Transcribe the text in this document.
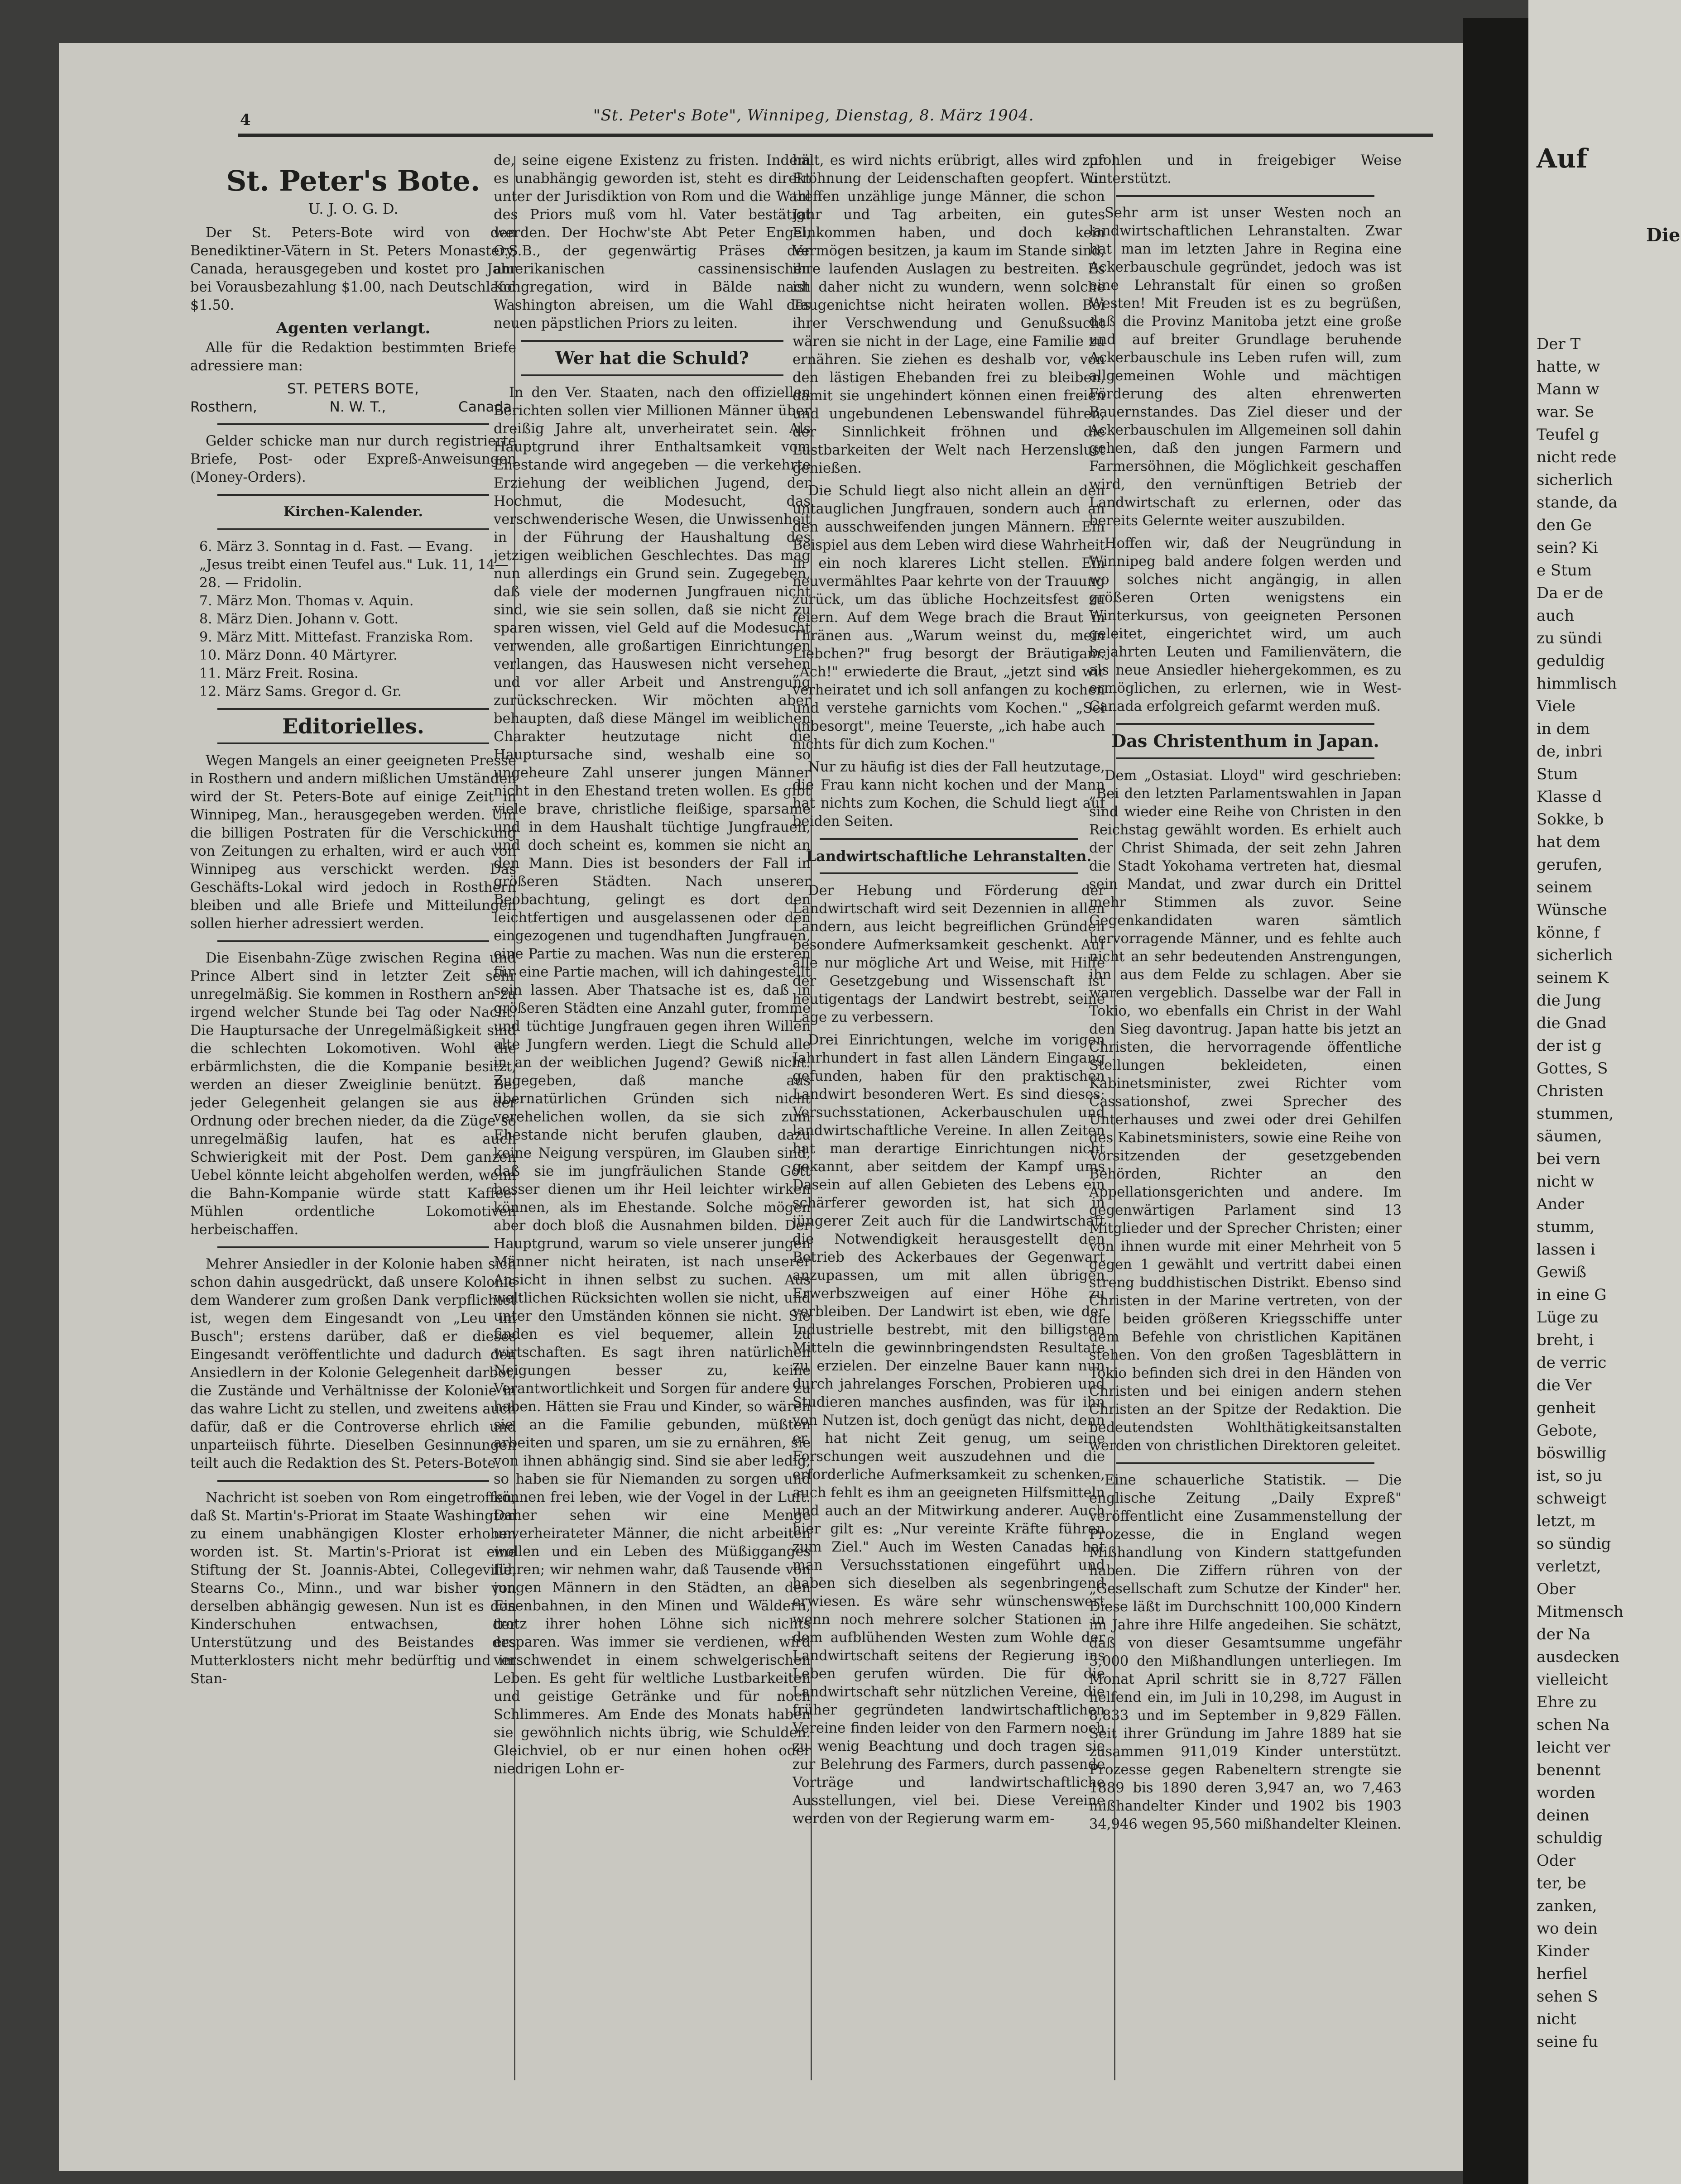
4	"St. Peter's Bote", Winnipeg, Dienstag, 8. März 1904.
St. Peter's Bote.
U. J. O. G. D.

Der St. Peters-Bote wird von den Benediktiner-Vätern in St. Peters Monastery, Canada, herausgegeben und kostet pro Jahr bei Vorausbezahlung $1.00, nach Deutschland $1.50.

Agenten verlangt.

Alle für die Redaktion bestimmten Briefe adressiere man:

ST. PETERS BOTE,
Rosthern,	N. W. T.,	Canada.

Gelder schicke man nur durch registrierte Briefe, Post- oder Expreß-Anweisungen (Money-Orders).

Kirchen-Kalender.
6. März 3. Sonntag in d. Fast. — Evang. „Jesus treibt einen Teufel aus." Luk. 11, 14—28. — Fridolin.
7. März Mon. Thomas v. Aquin.
8. März Dien. Johann v. Gott.
9. März Mitt. Mittefast. Franziska Rom.
10. März Donn. 40 Märtyrer.
11. März Freit. Rosina.
12. März Sams. Gregor d. Gr.
Editorielles.

Wegen Mangels an einer geeigneten Presse in Rosthern und andern mißlichen Umständen wird der St. Peters-Bote auf einige Zeit in Winnipeg, Man., herausgegeben werden. Um die billigen Postraten für die Verschickung von Zeitungen zu erhalten, wird er auch von Winnipeg aus verschickt werden. Das Geschäfts-Lokal wird jedoch in Rosthern bleiben und alle Briefe und Mitteilungen sollen hierher adressiert werden.

Die Eisenbahn-Züge zwischen Regina und Prince Albert sind in letzter Zeit sehr unregelmäßig. Sie kommen in Rosthern an zu irgend welcher Stunde bei Tag oder Nacht. Die Hauptursache der Unregelmäßigkeit sind die schlechten Lokomotiven. Wohl die erbärmlichsten, die die Kompanie besitzt, werden an dieser Zweiglinie benützt. Bei jeder Gelegenheit gelangen sie aus der Ordnung oder brechen nieder, da die Züge so unregelmäßig laufen, hat es auch Schwierigkeit mit der Post. Dem ganzen Uebel könnte leicht abgeholfen werden, wenn die Bahn-Kompanie würde statt Kaffee-Mühlen ordentliche Lokomotiven herbeischaffen.

Mehrer Ansiedler in der Kolonie haben sich schon dahin ausgedrückt, daß unsere Kolonie dem Wanderer zum großen Dank verpflichtet ist, wegen dem Eingesandt von „Leu im Busch"; erstens darüber, daß er dieses Eingesandt veröffentlichte und dadurch den Ansiedlern in der Kolonie Gelegenheit darbot, die Zustände und Verhältnisse der Kolonie in das wahre Licht zu stellen, und zweitens auch dafür, daß er die Controverse ehrlich und unparteiisch führte. Dieselben Gesinnungen teilt auch die Redaktion des St. Peters-Bote.

Nachricht ist soeben von Rom eingetroffen, daß St. Martin's-Priorat im Staate Washington zu einem unabhängigen Kloster erhoben worden ist. St. Martin's-Priorat ist eine Stiftung der St. Joannis-Abtei, Collegeville, Stearns Co., Minn., und war bisher von derselben abhängig gewesen. Nun ist es den Kinderschuhen entwachsen, der Unterstützung und des Beistandes des Mutterklosters nicht mehr bedürftig und im Stan-

de, seine eigene Existenz zu fristen. Indem es unabhängig geworden ist, steht es direkt unter der Jurisdiktion von Rom und die Wahl des Priors muß vom hl. Vater bestätigt werden. Der Hochw'ste Abt Peter Engel, O.S.B., der gegenwärtig Präses der amerikanischen cassinensischen Kongregation, wird in Bälde nach Washington abreisen, um die Wahl des neuen päpstlichen Priors zu leiten.

Wer hat die Schuld?

In den Ver. Staaten, nach den offiziellen Berichten sollen vier Millionen Männer über dreißig Jahre alt, unverheiratet sein. Als Hauptgrund ihrer Enthaltsamkeit vom Ehestande wird angegeben — die verkehrte Erziehung der weiblichen Jugend, der Hochmut, die Modesucht, das verschwenderische Wesen, die Unwissenheit in der Führung der Haushaltung des jetzigen weiblichen Geschlechtes. Das mag nun allerdings ein Grund sein. Zugegeben, daß viele der modernen Jungfrauen nicht sind, wie sie sein sollen, daß sie nicht zu sparen wissen, viel Geld auf die Modesucht verwenden, alle großartigen Einrichtungen verlangen, das Hauswesen nicht versehen und vor aller Arbeit und Anstrengung zurückschrecken. Wir möchten aber behaupten, daß diese Mängel im weiblichen Charakter heutzutage nicht die Hauptursache sind, weshalb eine so ungeheure Zahl unserer jungen Männer nicht in den Ehestand treten wollen. Es gibt viele brave, christliche fleißige, sparsame und in dem Haushalt tüchtige Jungfrauen, und doch scheint es, kommen sie nicht an den Mann. Dies ist besonders der Fall in größeren Städten. Nach unserer Beobachtung, gelingt es dort den leichtfertigen und ausgelassenen oder den eingezogenen und tugendhaften Jungfrauen, eine Partie zu machen. Was nun die ersteren für eine Partie machen, will ich dahingestellt sein lassen. Aber Thatsache ist es, daß in größeren Städten eine Anzahl guter, fromme und tüchtige Jungfrauen gegen ihren Willen alte Jungfern werden. Liegt die Schuld alle in an der weiblichen Jugend? Gewiß nicht. Zugegeben, daß manche aus übernatürlichen Gründen sich nicht verehelichen wollen, da sie sich zum Ehestande nicht berufen glauben, dazu keine Neigung verspüren, im Glauben sind, daß sie im jungfräulichen Stande Gott besser dienen um ihr Heil leichter wirken können, als im Ehestande. Solche mögen aber doch bloß die Ausnahmen bilden. Der Hauptgrund, warum so viele unserer jungen Männer nicht heiraten, ist nach unserer Ansicht in ihnen selbst zu suchen. Aus weltlichen Rücksichten wollen sie nicht, und unter den Umständen können sie nicht. Sie finden es viel bequemer, allein zu wirtschaften. Es sagt ihren natürlichen Neigungen besser zu, keine Verantwortlichkeit und Sorgen für andere zu haben. Hätten sie Frau und Kinder, so wären sie an die Familie gebunden, müßten arbeiten und sparen, um sie zu ernähren, sie von ihnen abhängig sind. Sind sie aber ledig, so haben sie für Niemanden zu sorgen und können frei leben, wie der Vogel in der Luft. Daher sehen wir eine Menge unverheirateter Männer, die nicht arbeiten wollen und ein Leben des Müßigganges führen; wir nehmen wahr, daß Tausende von jungen Männern in den Städten, an den Eisenbahnen, in den Minen und Wäldern, trotz ihrer hohen Löhne sich nichts ersparen. Was immer sie verdienen, wird verschwendet in einem schwelgerischen Leben. Es geht für weltliche Lustbarkeiten und geistige Getränke und für noch Schlimmeres. Am Ende des Monats haben sie gewöhnlich nichts übrig, wie Schulden. Gleichviel, ob er nur einen hohen oder niedrigen Lohn er-

hält, es wird nichts erübrigt, alles wird zur Fröhnung der Leidenschaften geopfert. Wir treffen unzählige junge Männer, die schon Jahr und Tag arbeiten, ein gutes Einkommen haben, und doch kein Vermögen besitzen, ja kaum im Stande sind, ihre laufenden Auslagen zu bestreiten. Es ist daher nicht zu wundern, wenn solche Taugenichtse nicht heiraten wollen. Bei ihrer Verschwendung und Genußsucht wären sie nicht in der Lage, eine Familie zu ernähren. Sie ziehen es deshalb vor, von den lästigen Ehebanden frei zu bleiben, damit sie ungehindert können einen freien und ungebundenen Lebenswandel führen, der Sinnlichkeit fröhnen und die Lustbarkeiten der Welt nach Herzenslust genießen.

Die Schuld liegt also nicht allein an den untauglichen Jungfrauen, sondern auch an den ausschweifenden jungen Männern. Ein Beispiel aus dem Leben wird diese Wahrheit in ein noch klareres Licht stellen. Ein neuvermähltes Paar kehrte von der Trauung zurück, um das übliche Hochzeitsfest zu feiern. Auf dem Wege brach die Braut in Thränen aus. „Warum weinst du, mein Liebchen?" frug besorgt der Bräutigam. „Ach!" erwiederte die Braut, „jetzt sind wir verheiratet und ich soll anfangen zu kochen und verstehe garnichts vom Kochen." „Sei unbesorgt", meine Teuerste, „ich habe auch nichts für dich zum Kochen."

Nur zu häufig ist dies der Fall heutzutage, die Frau kann nicht kochen und der Mann hat nichts zum Kochen, die Schuld liegt auf beiden Seiten.

Landwirtschaftliche Lehranstalten.

Der Hebung und Förderung der Landwirtschaft wird seit Dezennien in allen Ländern, aus leicht begreiflichen Gründen besondere Aufmerksamkeit geschenkt. Auf alle nur mögliche Art und Weise, mit Hilfe der Gesetzgebung und Wissenschaft ist heutigentags der Landwirt bestrebt, seine Lage zu verbessern.

Drei Einrichtungen, welche im vorigen Jahrhundert in fast allen Ländern Eingang gefunden, haben für den praktischen Landwirt besonderen Wert. Es sind dieses: Versuchsstationen, Ackerbauschulen und landwirtschaftliche Vereine. In allen Zeiten hat man derartige Einrichtungen nicht gekannt, aber seitdem der Kampf ums Dasein auf allen Gebieten des Lebens ein schärferer geworden ist, hat sich in jüngerer Zeit auch für die Landwirtschaft die Notwendigkeit herausgestellt den Betrieb des Ackerbaues der Gegenwart anzupassen, um mit allen übrigen Erwerbszweigen auf einer Höhe zu verbleiben. Der Landwirt ist eben, wie der Industrielle bestrebt, mit den billigsten Mitteln die gewinnbringendsten Resultate zu erzielen. Der einzelne Bauer kann nun durch jahrelanges Forschen, Probieren und Studieren manches ausfinden, was für ihn von Nutzen ist, doch genügt das nicht, denn er hat nicht Zeit genug, um seine Forschungen weit auszudehnen und die erforderliche Aufmerksamkeit zu schenken, auch fehlt es ihm an geeigneten Hilfsmitteln und auch an der Mitwirkung anderer. Auch hier gilt es: „Nur vereinte Kräfte führen zum Ziel." Auch im Westen Canadas hat man Versuchsstationen eingeführt und haben sich dieselben als segenbringend erwiesen. Es wäre sehr wünschenswert wenn noch mehrere solcher Stationen in dem aufblühenden Westen zum Wohle der Landwirtschaft seitens der Regierung ins Leben gerufen würden. Die für die Landwirtschaft sehr nützlichen Vereine, die früher gegründeten landwirtschaftlichen Vereine finden leider von den Farmern noch zu wenig Beachtung und doch tragen sie zur Belehrung des Farmers, durch passende Vorträge und landwirtschaftliche Ausstellungen, viel bei. Diese Vereine werden von der Regierung warm em-

pfohlen und in freigebiger Weise unterstützt.

Sehr arm ist unser Westen noch an landwirtschaftlichen Lehranstalten. Zwar hat man im letzten Jahre in Regina eine Ackerbauschule gegründet, jedoch was ist eine Lehranstalt für einen so großen Westen! Mit Freuden ist es zu begrüßen, daß die Provinz Manitoba jetzt eine große und auf breiter Grundlage beruhende Ackerbauschule ins Leben rufen will, zum allgemeinen Wohle und mächtigen Förderung des alten ehrenwerten Bauernstandes. Das Ziel dieser und der Ackerbauschulen im Allgemeinen soll dahin gehen, daß den jungen Farmern und Farmersöhnen, die Möglichkeit geschaffen wird, den vernünftigen Betrieb der Landwirtschaft zu erlernen, oder das bereits Gelernte weiter auszubilden.

Hoffen wir, daß der Neugründung in Winnipeg bald andere folgen werden und wo solches nicht angängig, in allen größeren Orten wenigstens ein Winterkursus, von geeigneten Personen geleitet, eingerichtet wird, um auch bejahrten Leuten und Familienvätern, die als neue Ansiedler hiehergekommen, es zu ermöglichen, zu erlernen, wie in West-Canada erfolgreich gefarmt werden muß.

Das Christenthum in Japan.

Dem „Ostasiat. Lloyd" wird geschrieben: „Bei den letzten Parlamentswahlen in Japan sind wieder eine Reihe von Christen in den Reichstag gewählt worden. Es erhielt auch der Christ Shimada, der seit zehn Jahren die Stadt Yokohama vertreten hat, diesmal sein Mandat, und zwar durch ein Drittel mehr Stimmen als zuvor. Seine Gegenkandidaten waren sämtlich hervorragende Männer, und es fehlte auch nicht an sehr bedeutenden Anstrengungen, ihn aus dem Felde zu schlagen. Aber sie waren vergeblich. Dasselbe war der Fall in Tokio, wo ebenfalls ein Christ in der Wahl den Sieg davontrug. Japan hatte bis jetzt an Christen, die hervorragende öffentliche Stellungen bekleideten, einen Kabinetsminister, zwei Richter vom Cassationshof, zwei Sprecher des Unterhauses und zwei oder drei Gehilfen des Kabinetsministers, sowie eine Reihe von Vorsitzenden der gesetzgebenden Behörden, Richter an den Appellationsgerichten und andere. Im gegenwärtigen Parlament sind 13 Mitglieder und der Sprecher Christen; einer von ihnen wurde mit einer Mehrheit von 5 gegen 1 gewählt und vertritt dabei einen streng buddhistischen Distrikt. Ebenso sind Christen in der Marine vertreten, von der die beiden größeren Kriegsschiffe unter dem Befehle von christlichen Kapitänen stehen. Von den großen Tagesblättern in Tokio befinden sich drei in den Händen von Christen und bei einigen andern stehen Christen an der Spitze der Redaktion. Die bedeutendsten Wohlthätigkeitsanstalten werden von christlichen Direktoren geleitet.

Eine schauerliche Statistik. — Die englische Zeitung „Daily Expreß" veröffentlicht eine Zusammenstellung der Prozesse, die in England wegen Mißhandlung von Kindern stattgefunden haben. Die Ziffern rühren von der „Gesellschaft zum Schutze der Kinder" her. Diese läßt im Durchschnitt 100,000 Kindern im Jahre ihre Hilfe angedeihen. Sie schätzt, daß von dieser Gesamtsumme ungefähr 3,000 den Mißhandlungen unterliegen. Im Monat April schritt sie in 8,727 Fällen helfend ein, im Juli in 10,298, im August in 8,833 und im September in 9,829 Fällen. Seit ihrer Gründung im Jahre 1889 hat sie zusammen 911,019 Kinder unterstützt. Prozesse gegen Rabeneltern strengte sie 1889 bis 1890 deren 3,947 an, wo 7,463 mißhandelter Kinder und 1902 bis 1903 34,946 wegen 95,560 mißhandelter Kleinen.

Auf
Die
Der T
hatte, w
Mann w
war. Se
Teufel g
nicht rede
sicherlich
stande, da
den Ge
sein? Ki
e Stum
Da er de
auch
zu sündi
geduldig
himmlisch
Viele
in dem
de, inbri
Stum
Klasse d
Sokke, b
hat dem
gerufen,
seinem
Wünsche
könne, f
sicherlich
seinem K
die Jung
die Gnad
der ist g
Gottes, S
Christen
stummen,
säumen,
bei vern
nicht w
Ander
stumm,
lassen i
Gewiß
in eine G
Lüge zu
breht, i
de verric
die Ver
genheit
Gebote,
böswillig
ist, so ju
schweigt
letzt, m
so sündig
verletzt,
Ober
Mitmensch
der Na
ausdecken
vielleicht
Ehre zu
schen Na
leicht ver
benennt
worden
deinen
schuldig
Oder
ter, be
zanken,
wo dein
Kinder
herfiel
sehen S
nicht
seine fu
